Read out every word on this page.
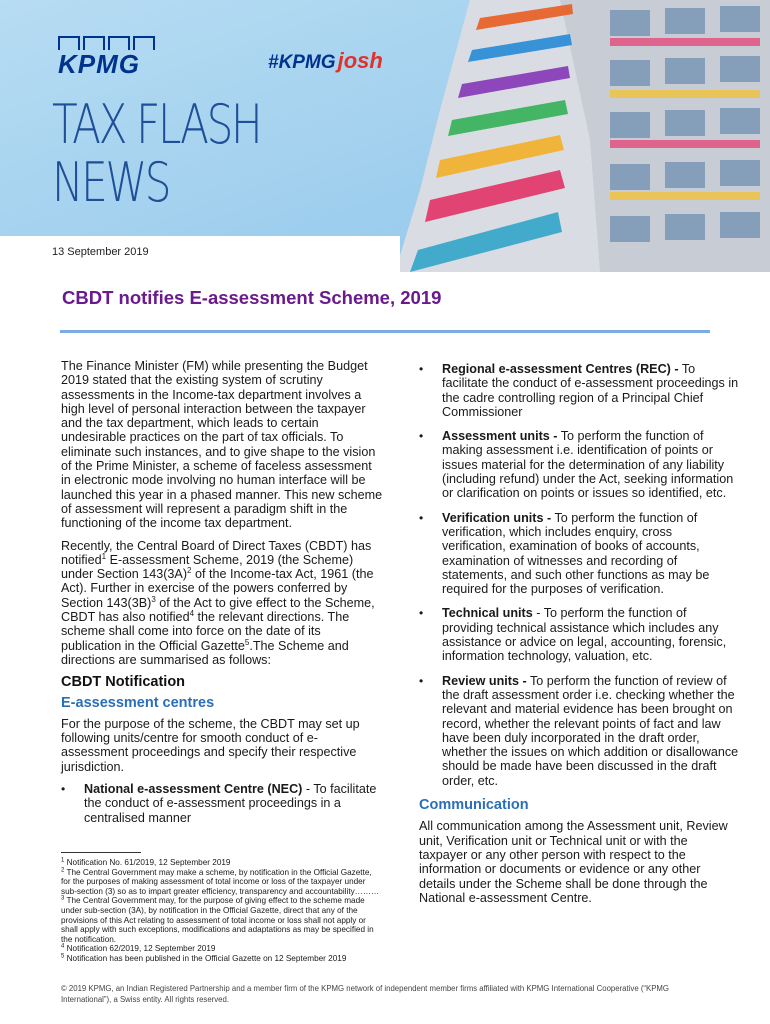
KPMG	#KPMGjosh
TAX FLASH
NEWS
13 September 2019
CBDT notifies E-assessment Scheme, 2019

The Finance Minister (FM) while presenting the Budget 2019 stated that the existing system of scrutiny assessments in the Income-tax department involves a high level of personal interaction between the taxpayer and the tax department, which leads to certain undesirable practices on the part of tax officials. To eliminate such instances, and to give shape to the vision of the Prime Minister, a scheme of faceless assessment in electronic mode involving no human interface will be launched this year in a phased manner. This new scheme of assessment will represent a paradigm shift in the functioning of the income tax department.

Recently, the Central Board of Direct Taxes (CBDT) has notified$^1$ E-assessment Scheme, 2019 (the Scheme) under Section $143(3A)^2$ of the Income-tax Act, 1961 (the Act). Further in exercise of the powers conferred by Section $143(3B)^3$ of the Act to give effect to the Scheme, CBDT has also notified$^4$ the relevant directions. The scheme shall come into force on the date of its publication in the Official Gazette$^5$.The Scheme and directions are summarised as follows:

CBDT Notification
E-assessment centres

For the purpose of the scheme, the CBDT may set up following units/centre for smooth conduct of e-assessment proceedings and specify their respective jurisdiction.

• National e-assessment Centre (NEC) - To facilitate the conduct of e-assessment proceedings in a centralised manner
• Regional e-assessment Centres (REC) - To facilitate the conduct of e-assessment proceedings in the cadre controlling region of a Principal Chief Commissioner
• Assessment units - To perform the function of making assessment i.e. identification of points or issues material for the determination of any liability (including refund) under the Act, seeking information or clarification on points or issues so identified, etc.
• Verification units - To perform the function of verification, which includes enquiry, cross verification, examination of books of accounts, examination of witnesses and recording of statements, and such other functions as may be required for the purposes of verification.
• Technical units - To perform the function of providing technical assistance which includes any assistance or advice on legal, accounting, forensic, information technology, valuation, etc.
• Review units - To perform the function of review of the draft assessment order i.e. checking whether the relevant and material evidence has been brought on record, whether the relevant points of fact and law have been duly incorporated in the draft order, whether the issues on which addition or disallowance should be made have been discussed in the draft order, etc.
Communication

All communication among the Assessment unit, Review unit, Verification unit or Technical unit or with the taxpayer or any other person with respect to the information or documents or evidence or any other details under the Scheme shall be done through the National e-assessment Centre.

$^1$ Notification No. 61/2019, 12 September 2019
$^2$ The Central Government may make a scheme, by notification in the Official Gazette, for the purposes of making assessment of total income or loss of the taxpayer under sub-section (3) so as to impart greater efficiency, transparency and accountability………
$^3$ The Central Government may, for the purpose of giving effect to the scheme made under sub-section (3A), by notification in the Official Gazette, direct that any of the provisions of this Act relating to assessment of total income or loss shall not apply or shall apply with such exceptions, modifications and adaptations as may be specified in the notification.
$^4$ Notification 62/2019, 12 September 2019
$^5$ Notification has been published in the Official Gazette on 12 September 2019
© 2019 KPMG, an Indian Registered Partnership and a member firm of the KPMG network of independent member firms affiliated with KPMG International Cooperative (“KPMG International”), a Swiss entity. All rights reserved.
